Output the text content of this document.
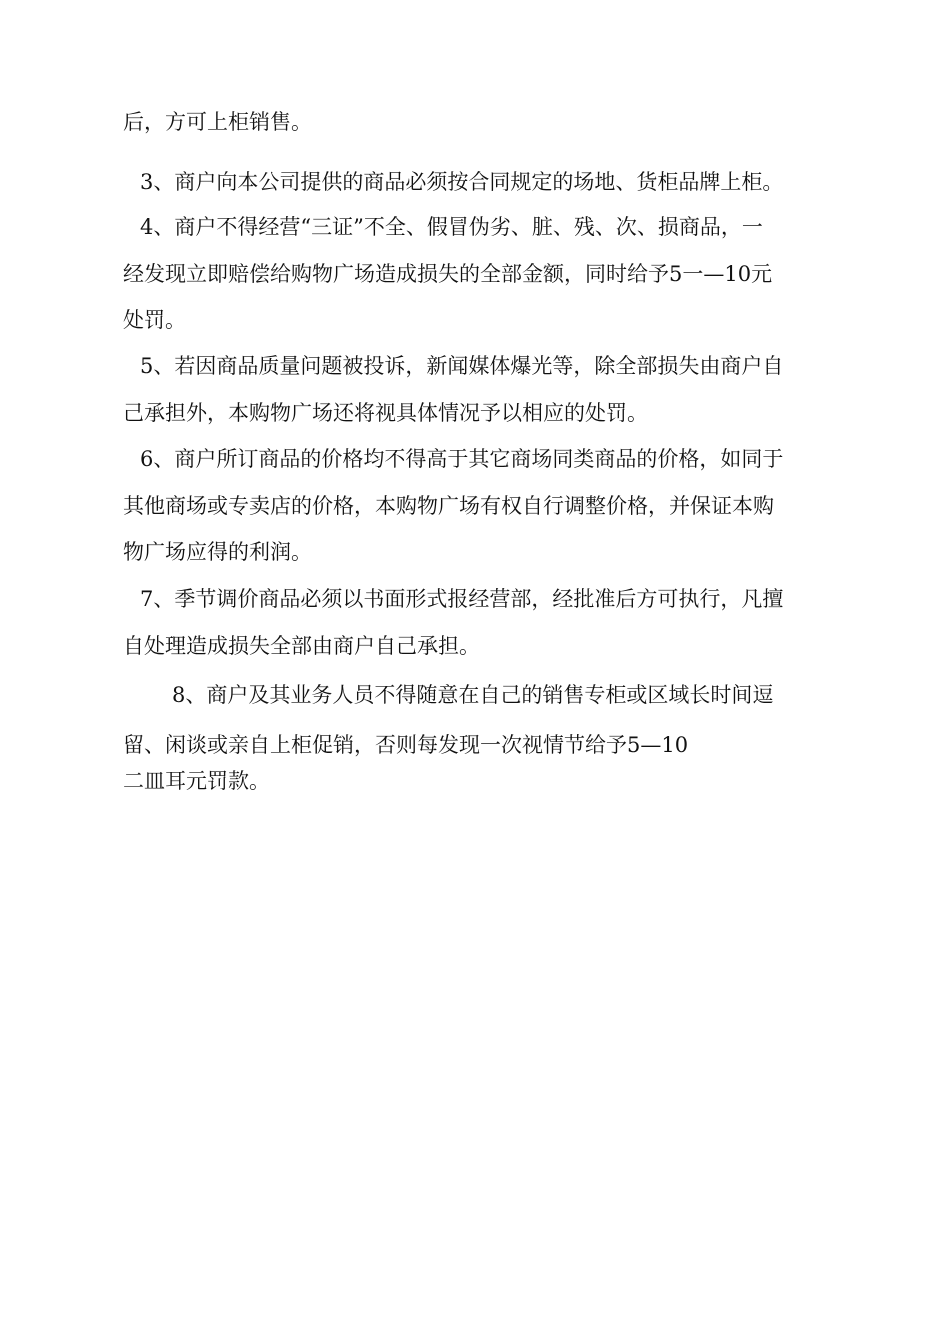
后，方可上柜销售。
3、商户向本公司提供的商品必须按合同规定的场地、货柜品牌上柜。
4、商户不得经营“三证”不全、假冒伪劣、脏、残、次、损商品，一
经发现立即赔偿给购物广场造成损失的全部金额，同时给予5一—10元
处罚。
5、若因商品质量问题被投诉，新闻媒体爆光等，除全部损失由商户自
己承担外，本购物广场还将视具体情况予以相应的处罚。
6、商户所订商品的价格均不得高于其它商场同类商品的价格，如同于
其他商场或专卖店的价格，本购物广场有权自行调整价格，并保证本购
物广场应得的利润。
7、季节调价商品必须以书面形式报经营部，经批准后方可执行，凡擅
自处理造成损失全部由商户自己承担。
8、商户及其业务人员不得随意在自己的销售专柜或区域长时间逗
留、闲谈或亲自上柜促销，否则每发现一次视情节给予5—10
二皿耳元罚款。
